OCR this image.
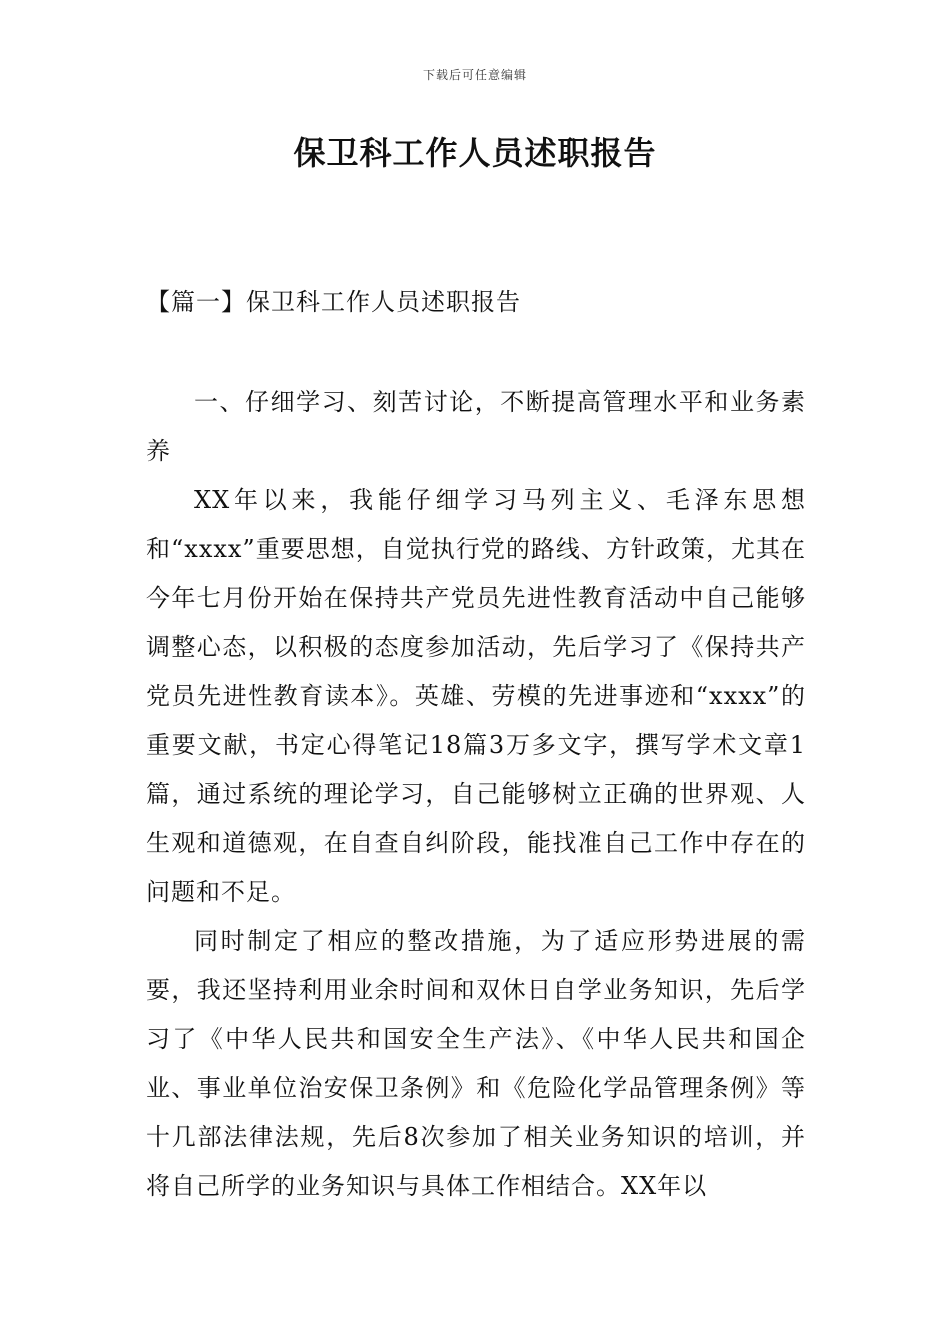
下载后可任意编辑
保卫科工作人员述职报告
【篇一】保卫科工作人员述职报告

一、仔细学习、刻苦讨论，不断提高管理水平和业务素养

XX年以来，我能仔细学习马列主义、毛泽东思想和“xxxx”重要思想，自觉执行党的路线、方针政策，尤其在今年七月份开始在保持共产党员先进性教育活动中自己能够调整心态，以积极的态度参加活动，先后学习了《保持共产党员先进性教育读本》。英雄、劳模的先进事迹和“xxxx”的重要文献，书定心得笔记18篇3万多文字，撰写学术文章1篇，通过系统的理论学习，自己能够树立正确的世界观、人生观和道德观，在自查自纠阶段，能找准自己工作中存在的问题和不足。

同时制定了相应的整改措施，为了适应形势进展的需要，我还坚持利用业余时间和双休日自学业务知识，先后学习了《中华人民共和国安全生产法》、《中华人民共和国企业、事业单位治安保卫条例》和《危险化学品管理条例》等十几部法律法规，先后8次参加了相关业务知识的培训，并将自己所学的业务知识与具体工作相结合。XX年以
